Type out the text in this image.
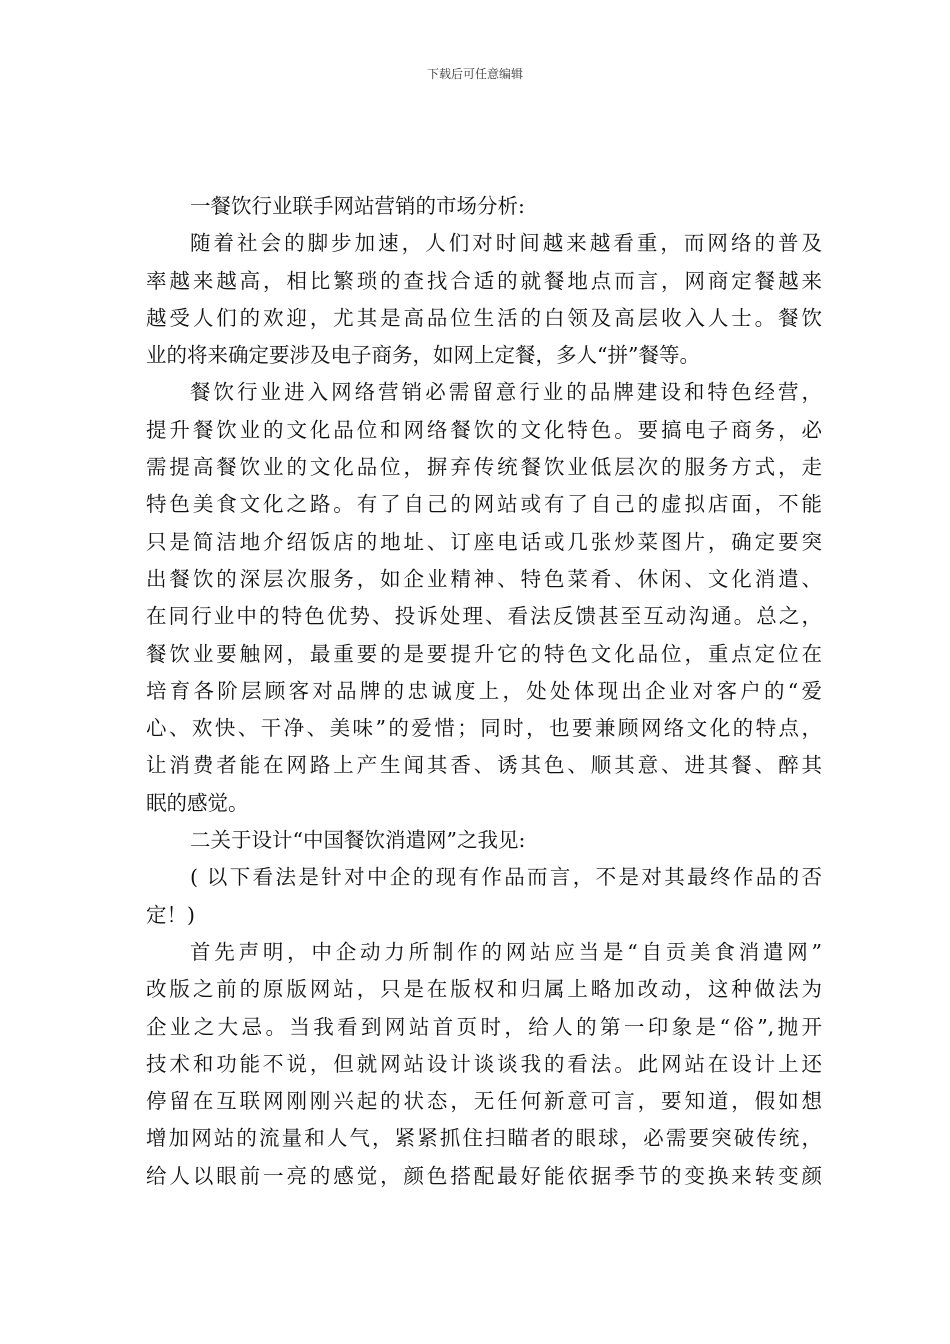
下载后可任意编辑
一餐饮行业联手网站营销的市场分析:
随着社会的脚步加速，人们对时间越来越看重，而网络的普及
率越来越高，相比繁琐的查找合适的就餐地点而言，网商定餐越来
越受人们的欢迎，尤其是高品位生活的白领及高层收入人士。餐饮
业的将来确定要涉及电子商务，如网上定餐，多人“拼”餐等。
餐饮行业进入网络营销必需留意行业的品牌建设和特色经营，
提升餐饮业的文化品位和网络餐饮的文化特色。要搞电子商务，必
需提高餐饮业的文化品位，摒弃传统餐饮业低层次的服务方式，走
特色美食文化之路。有了自己的网站或有了自己的虚拟店面，不能
只是简洁地介绍饭店的地址、订座电话或几张炒菜图片，确定要突
出餐饮的深层次服务，如企业精神、特色菜肴、休闲、文化消遣、
在同行业中的特色优势、投诉处理、看法反馈甚至互动沟通。总之，
餐饮业要触网，最重要的是要提升它的特色文化品位，重点定位在
培育各阶层顾客对品牌的忠诚度上，处处体现出企业对客户的“爱
心、欢快、干净、美味”的爱惜；同时，也要兼顾网络文化的特点，
让消费者能在网路上产生闻其香、诱其色、顺其意、进其餐、醉其
眠的感觉。
二关于设计“中国餐饮消遣网”之我见:
( 以下看法是针对中企的现有作品而言，不是对其最终作品的否
定！)
首先声明，中企动力所制作的网站应当是“自贡美食消遣网”
改版之前的原版网站，只是在版权和归属上略加改动，这种做法为
企业之大忌。当我看到网站首页时，给人的第一印象是“俗”,抛开
技术和功能不说，但就网站设计谈谈我的看法。此网站在设计上还
停留在互联网刚刚兴起的状态，无任何新意可言，要知道，假如想
增加网站的流量和人气，紧紧抓住扫瞄者的眼球，必需要突破传统，
给人以眼前一亮的感觉，颜色搭配最好能依据季节的变换来转变颜
